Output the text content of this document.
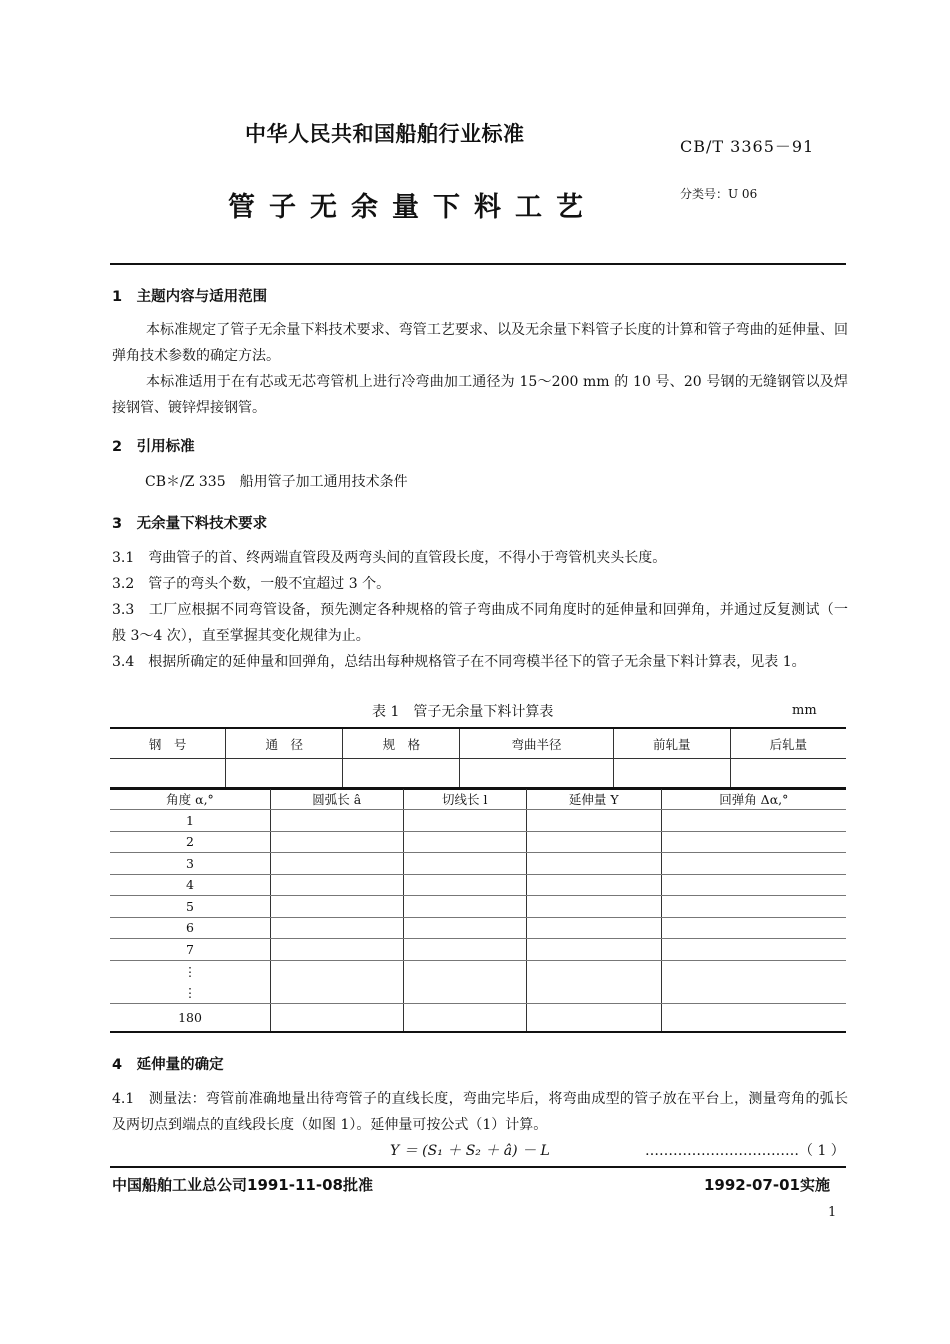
中华人民共和国船舶行业标准
CB/T 3365－91
管子无余量下料工艺	分类号：U 06
1　主题内容与适用范围
本标准规定了管子无余量下料技术要求、弯管工艺要求、以及无余量下料管子长度的计算和管子弯曲的延伸量、回弹角技术参数的确定方法。
本标准适用于在有芯或无芯弯管机上进行冷弯曲加工通径为 15～200 mm 的 10 号、20 号钢的无缝钢管以及焊接钢管、镀锌焊接钢管。
2　引用标准
CB＊/Z 335　船用管子加工通用技术条件
3　无余量下料技术要求
3.1　弯曲管子的首、终两端直管段及两弯头间的直管段长度，不得小于弯管机夹头长度。
3.2　管子的弯头个数，一般不宜超过 3 个。
3.3　工厂应根据不同弯管设备，预先测定各种规格的管子弯曲成不同角度时的延伸量和回弹角，并通过反复测试（一般 3～4 次），直至掌握其变化规律为止。
3.4　根据所确定的延伸量和回弹角，总结出每种规格管子在不同弯模半径下的管子无余量下料计算表，见表 1。
表 1　管子无余量下料计算表	mm
钢　号	通　径	规　格	弯曲半径	前轧量	后轧量

角度 α,°	圆弧长 â	切线长 l	延伸量 Y	回弹角 Δα,°
1				
2				
3				
4				
5				
6				
7				
⋮				
⋮				
180				
4　延伸量的确定
4.1　测量法：弯管前准确地量出待弯管子的直线长度，弯曲完毕后，将弯曲成型的管子放在平台上，测量弯角的弧长及两切点到端点的直线段长度（如图 1）。延伸量可按公式（1）计算。
Y ＝ (S₁ ＋ S₂ ＋ â) － L	……………………………（ 1 ）
中国船舶工业总公司1991-11-08批准	1992-07-01实施
1
